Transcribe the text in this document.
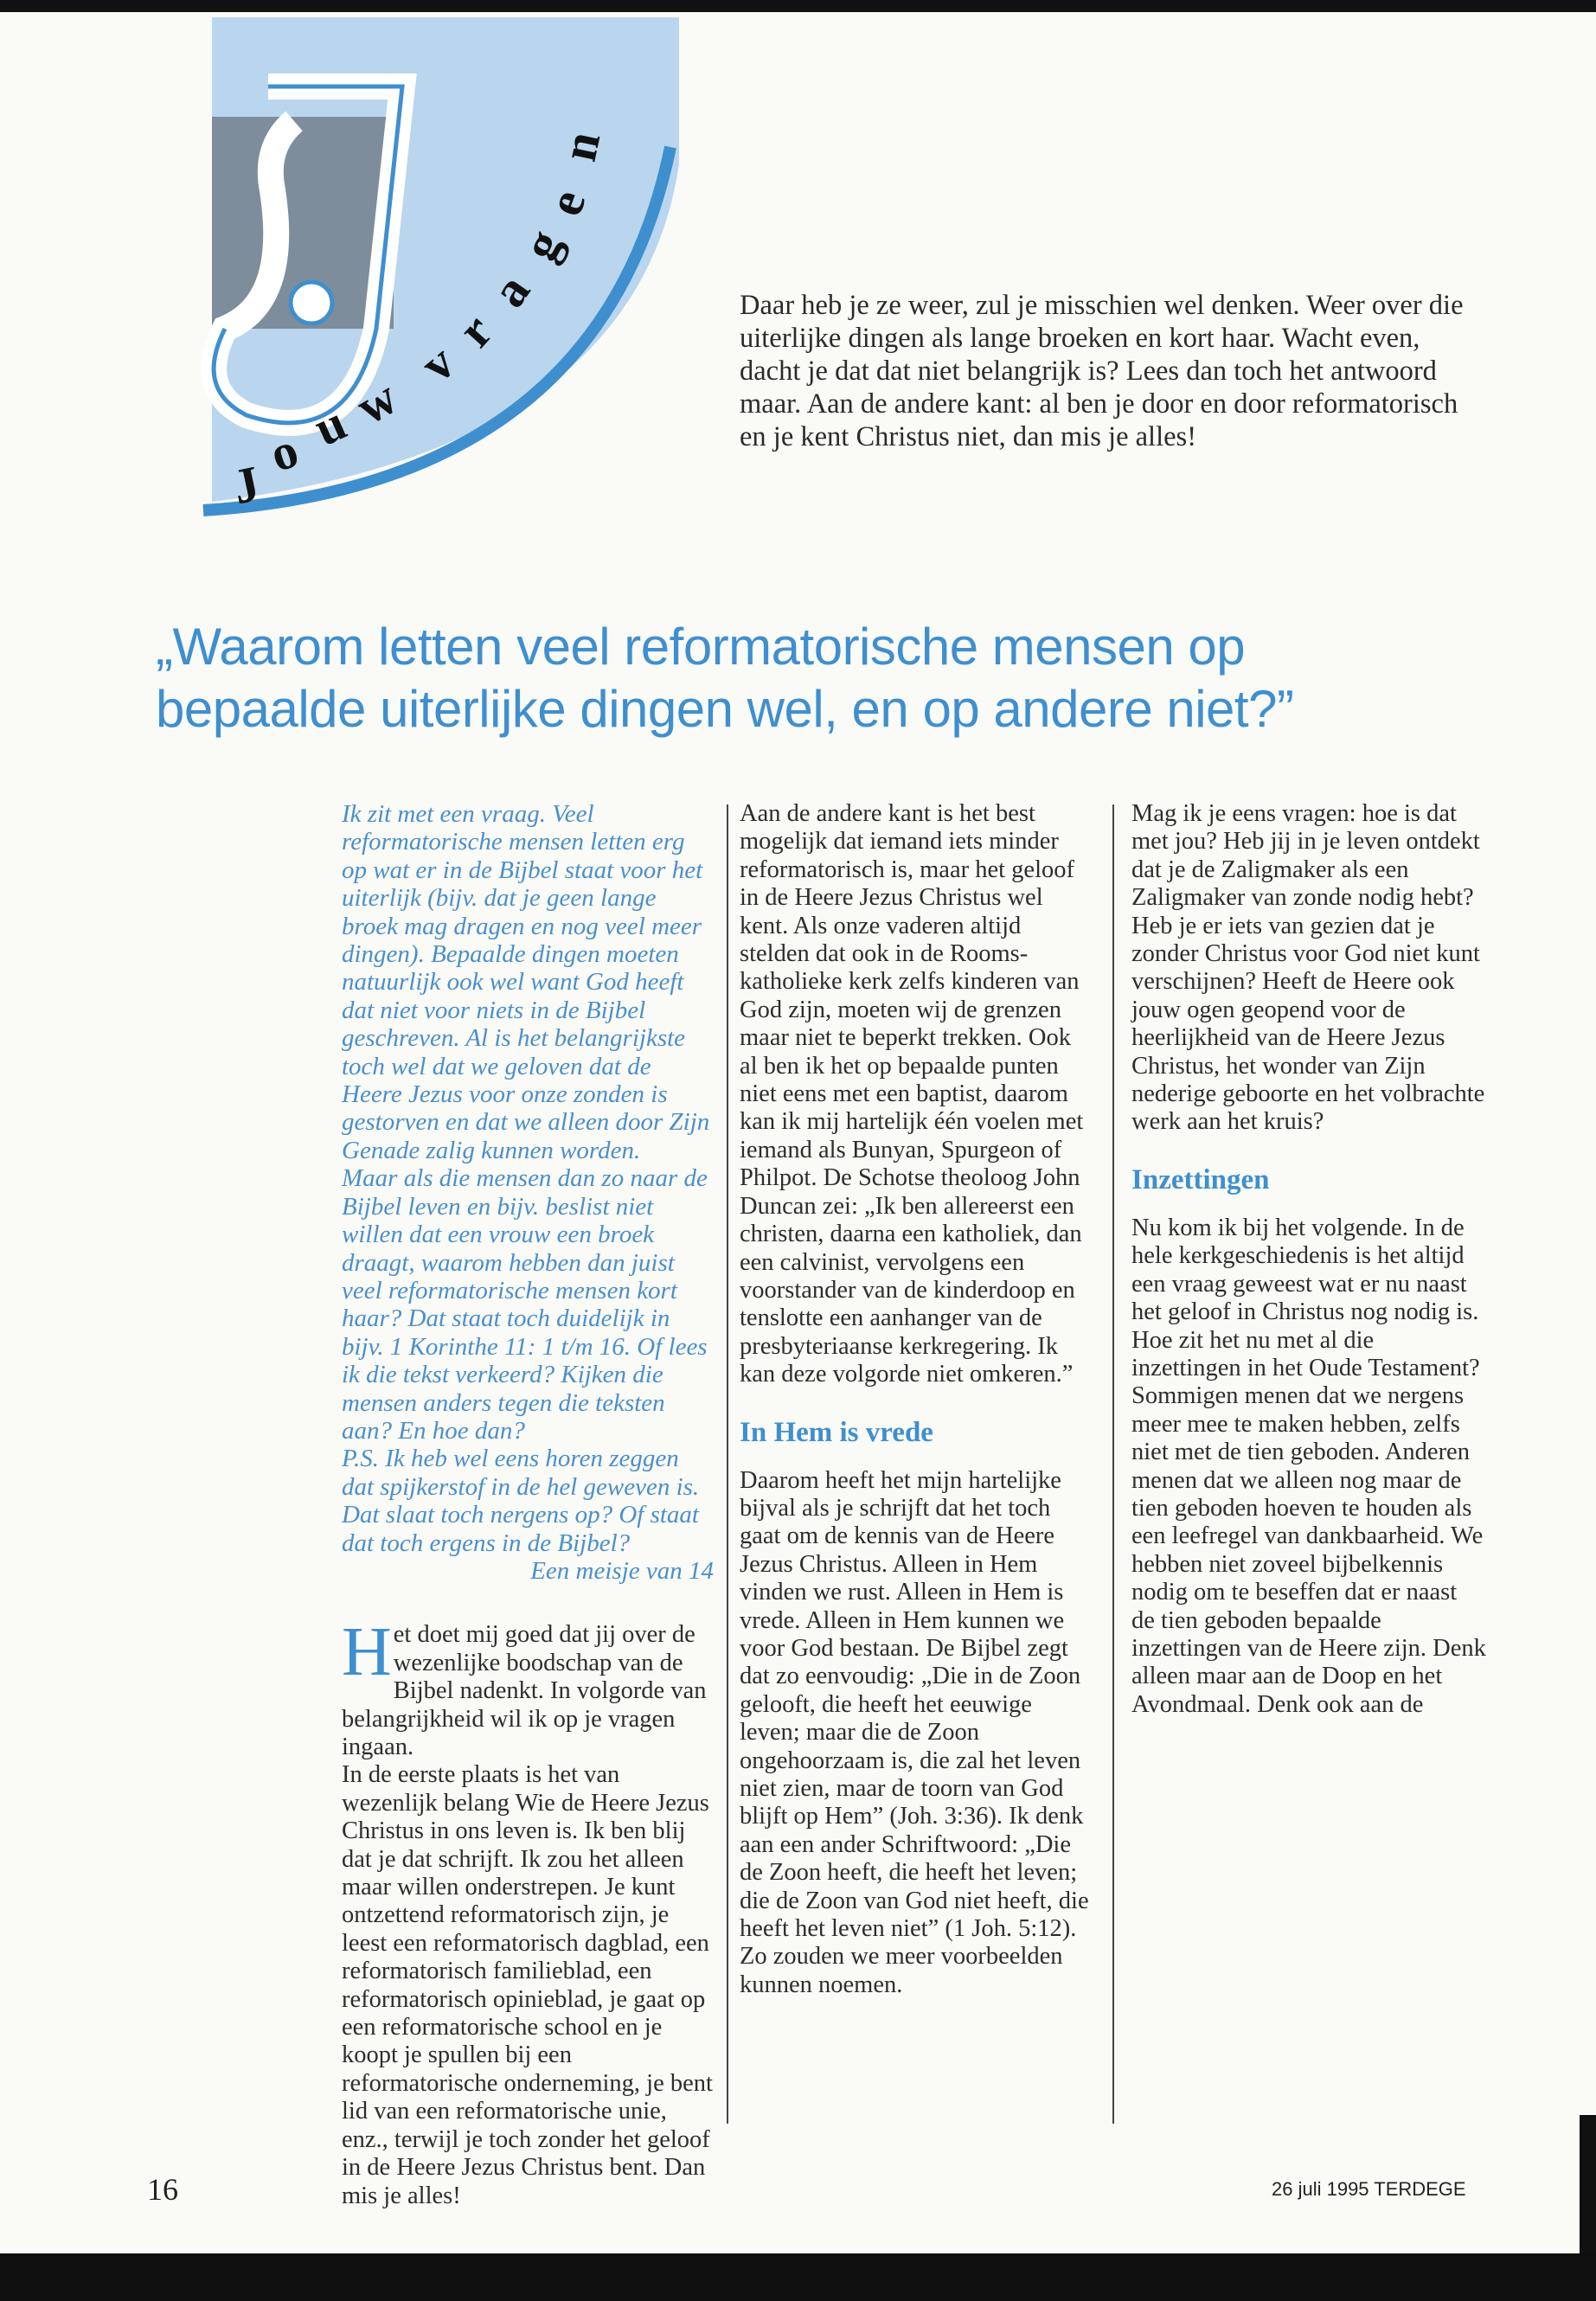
J
o u
w
v
r
a
g
e
n
Daar heb je ze weer, zul je misschien wel denken. Weer over die uiterlijke dingen als lange broeken en kort haar. Wacht even, dacht je dat dat niet belangrijk is? Lees dan toch het antwoord maar. Aan de andere kant: al ben je door en door reformatorisch en je kent Christus niet, dan mis je alles!
„Waarom letten veel reformatorische mensen op
bepaalde uiterlijke dingen wel, en op andere niet?”

Ik zit met een vraag. Veel reformatorische mensen letten erg op wat er in de Bijbel staat voor het uiterlijk (bijv. dat je geen lange broek mag dragen en nog veel meer dingen). Bepaalde dingen moeten natuurlijk ook wel want God heeft dat niet voor niets in de Bijbel geschreven. Al is het belangrijkste toch wel dat we geloven dat de Heere Jezus voor onze zonden is gestorven en dat we alleen door Zijn Genade zalig kunnen worden.

Maar als die mensen dan zo naar de Bijbel leven en bijv. beslist niet willen dat een vrouw een broek draagt, waarom hebben dan juist veel reformatorische mensen kort haar? Dat staat toch duidelijk in bijv. 1 Korinthe 11: 1 t/m 16. Of lees ik die tekst verkeerd? Kijken die mensen anders tegen die teksten aan? En hoe dan?

P.S. Ik heb wel eens horen zeggen dat spijkerstof in de hel geweven is. Dat slaat toch nergens op? Of staat dat toch ergens in de Bijbel?

Een meisje van 14

Het doet mij goed dat jij over de wezenlijke boodschap van de Bijbel nadenkt. In volgorde van belangrijkheid wil ik op je vragen ingaan.

In de eerste plaats is het van wezenlijk belang Wie de Heere Jezus Christus in ons leven is. Ik ben blij dat je dat schrijft. Ik zou het alleen maar willen onderstrepen. Je kunt ontzettend reformatorisch zijn, je leest een reformatorisch dagblad, een reformatorisch familieblad, een reformatorisch opinieblad, je gaat op een reformatorische school en je koopt je spullen bij een reformatorische onderneming, je bent lid van een reformatorische unie, enz., terwijl je toch zonder het geloof in de Heere Jezus Christus bent. Dan mis je alles!

Aan de andere kant is het best mogelijk dat iemand iets minder reformatorisch is, maar het geloof in de Heere Jezus Christus wel kent. Als onze vaderen altijd stelden dat ook in de Rooms-katholieke kerk zelfs kinderen van God zijn, moeten wij de grenzen maar niet te beperkt trekken. Ook al ben ik het op bepaalde punten niet eens met een baptist, daarom kan ik mij hartelijk één voelen met iemand als Bunyan, Spurgeon of Philpot. De Schotse theoloog John Duncan zei: „Ik ben allereerst een christen, daarna een katholiek, dan een calvinist, vervolgens een voorstander van de kinderdoop en tenslotte een aanhanger van de presbyteriaanse kerkregering. Ik kan deze volgorde niet omkeren.”

In Hem is vrede

Daarom heeft het mijn hartelijke bijval als je schrijft dat het toch gaat om de kennis van de Heere Jezus Christus. Alleen in Hem vinden we rust. Alleen in Hem is vrede. Alleen in Hem kunnen we voor God bestaan. De Bijbel zegt dat zo eenvoudig: „Die in de Zoon gelooft, die heeft het eeuwige leven; maar die de Zoon ongehoorzaam is, die zal het leven niet zien, maar de toorn van God blijft op Hem” (Joh. 3:36). Ik denk aan een ander Schriftwoord: „Die de Zoon heeft, die heeft het leven; die de Zoon van God niet heeft, die heeft het leven niet” (1 Joh. 5:12). Zo zouden we meer voorbeelden kunnen noemen.

Mag ik je eens vragen: hoe is dat met jou? Heb jij in je leven ontdekt dat je de Zaligmaker als een Zaligmaker van zonde nodig hebt? Heb je er iets van gezien dat je zonder Christus voor God niet kunt verschijnen? Heeft de Heere ook jouw ogen geopend voor de heerlijkheid van de Heere Jezus Christus, het wonder van Zijn nederige geboorte en het volbrachte werk aan het kruis?

Inzettingen

Nu kom ik bij het volgende. In de hele kerkgeschiedenis is het altijd een vraag geweest wat er nu naast het geloof in Christus nog nodig is. Hoe zit het nu met al die inzettingen in het Oude Testament? Sommigen menen dat we nergens meer mee te maken hebben, zelfs niet met de tien geboden. Anderen menen dat we alleen nog maar de tien geboden hoeven te houden als een leefregel van dankbaarheid. We hebben niet zoveel bijbelkennis nodig om te beseffen dat er naast de tien geboden bepaalde inzettingen van de Heere zijn. Denk alleen maar aan de Doop en het Avondmaal. Denk ook aan de

16	26 juli 1995 TERDEGE
